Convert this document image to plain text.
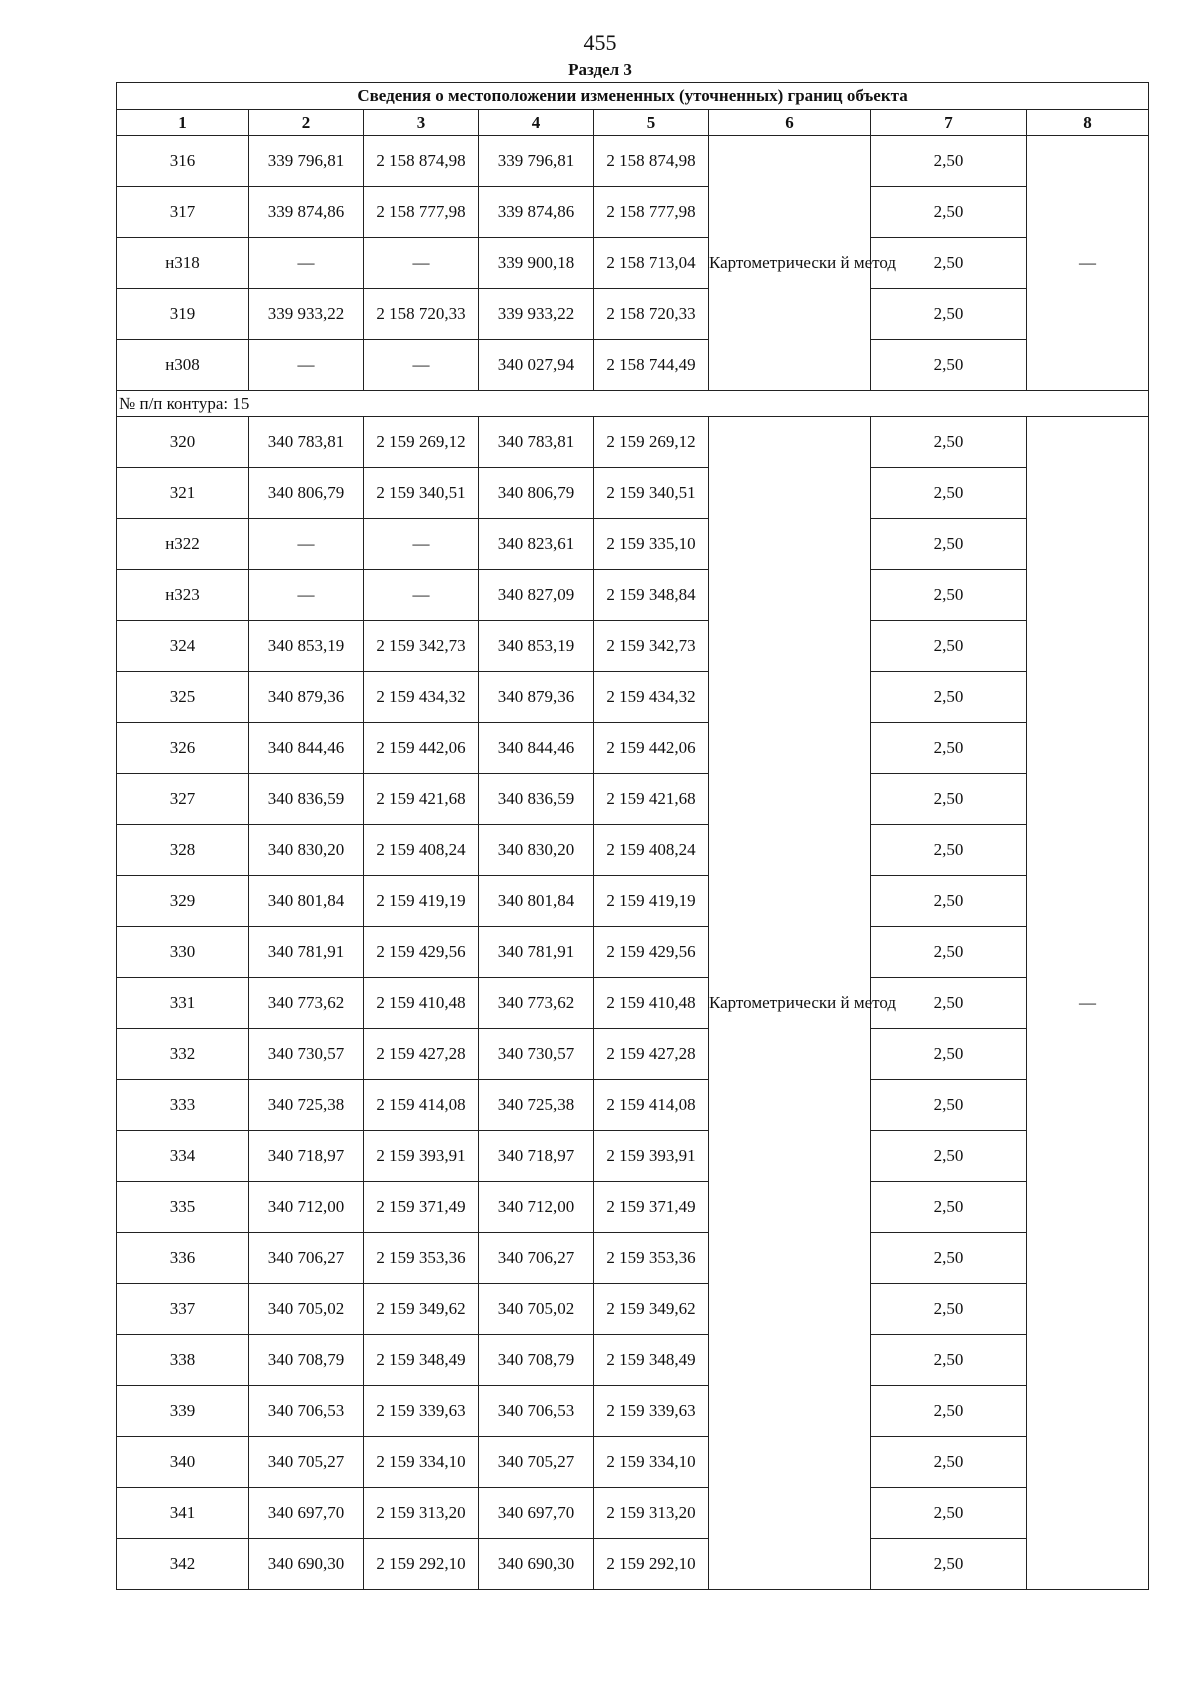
455
Раздел 3
Сведения о местоположении измененных (уточненных) границ объекта							
1	2	3	4	5	6	7	8
316	339 796,81	2 158 874,98	339 796,81	2 158 874,98	Картометрически й метод	2,50	—
317	339 874,86	2 158 777,98	339 874,86	2 158 777,98		2,50	
н318	—	—	339 900,18	2 158 713,04		2,50	
319	339 933,22	2 158 720,33	339 933,22	2 158 720,33		2,50	
н308	—	—	340 027,94	2 158 744,49		2,50	
№ п/п контура: 15							
320	340 783,81	2 159 269,12	340 783,81	2 159 269,12	Картометрически й метод	2,50	—
321	340 806,79	2 159 340,51	340 806,79	2 159 340,51		2,50	
н322	—	—	340 823,61	2 159 335,10		2,50	
н323	—	—	340 827,09	2 159 348,84		2,50	
324	340 853,19	2 159 342,73	340 853,19	2 159 342,73		2,50	
325	340 879,36	2 159 434,32	340 879,36	2 159 434,32		2,50	
326	340 844,46	2 159 442,06	340 844,46	2 159 442,06		2,50	
327	340 836,59	2 159 421,68	340 836,59	2 159 421,68		2,50	
328	340 830,20	2 159 408,24	340 830,20	2 159 408,24		2,50	
329	340 801,84	2 159 419,19	340 801,84	2 159 419,19		2,50	
330	340 781,91	2 159 429,56	340 781,91	2 159 429,56		2,50	
331	340 773,62	2 159 410,48	340 773,62	2 159 410,48		2,50	
332	340 730,57	2 159 427,28	340 730,57	2 159 427,28		2,50	
333	340 725,38	2 159 414,08	340 725,38	2 159 414,08		2,50	
334	340 718,97	2 159 393,91	340 718,97	2 159 393,91		2,50	
335	340 712,00	2 159 371,49	340 712,00	2 159 371,49		2,50	
336	340 706,27	2 159 353,36	340 706,27	2 159 353,36		2,50	
337	340 705,02	2 159 349,62	340 705,02	2 159 349,62		2,50	
338	340 708,79	2 159 348,49	340 708,79	2 159 348,49		2,50	
339	340 706,53	2 159 339,63	340 706,53	2 159 339,63		2,50	
340	340 705,27	2 159 334,10	340 705,27	2 159 334,10		2,50	
341	340 697,70	2 159 313,20	340 697,70	2 159 313,20		2,50	
342	340 690,30	2 159 292,10	340 690,30	2 159 292,10		2,50	
